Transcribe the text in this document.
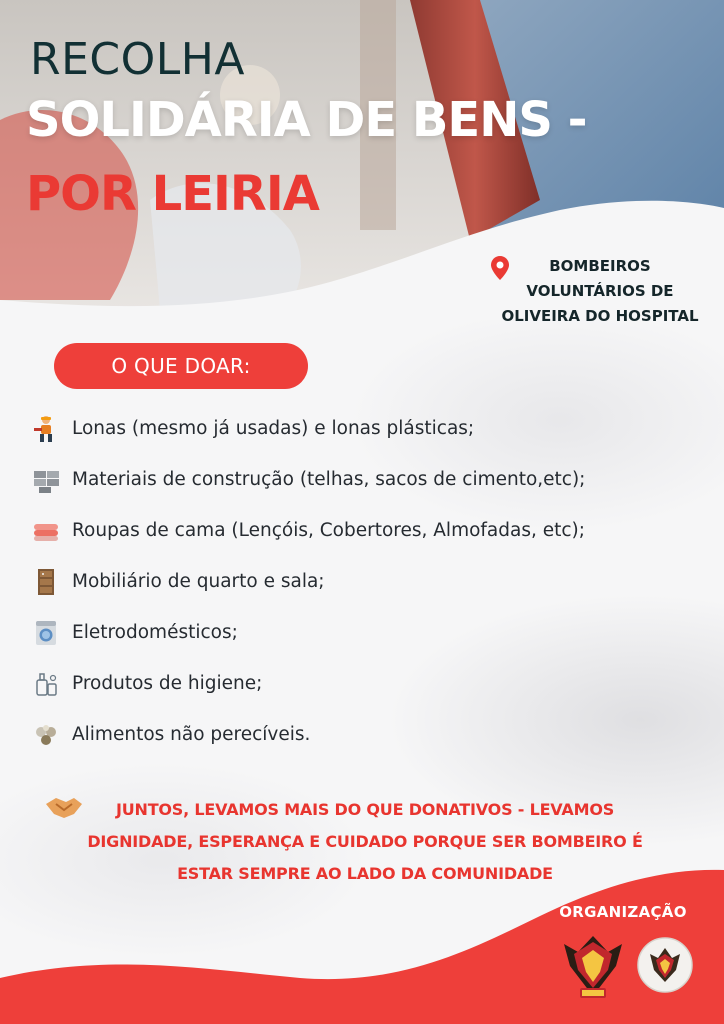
RECOLHA
SOLIDÁRIA DE BENS -
POR LEIRIA
BOMBEIROS
VOLUNTÁRIOS DE
OLIVEIRA DO HOSPITAL
O QUE DOAR:
Lonas (mesmo já usadas) e lonas plásticas;
Materiais de construção (telhas, sacos de cimento,etc);
Roupas de cama (Lençóis, Cobertores, Almofadas, etc);
Mobiliário de quarto e sala;
Eletrodomésticos;
Produtos de higiene;
Alimentos não perecíveis.
JUNTOS, LEVAMOS MAIS DO QUE DONATIVOS - LEVAMOS
DIGNIDADE, ESPERANÇA E CUIDADO PORQUE SER BOMBEIRO É
ESTAR SEMPRE AO LADO DA COMUNIDADE
ORGANIZAÇÃO
